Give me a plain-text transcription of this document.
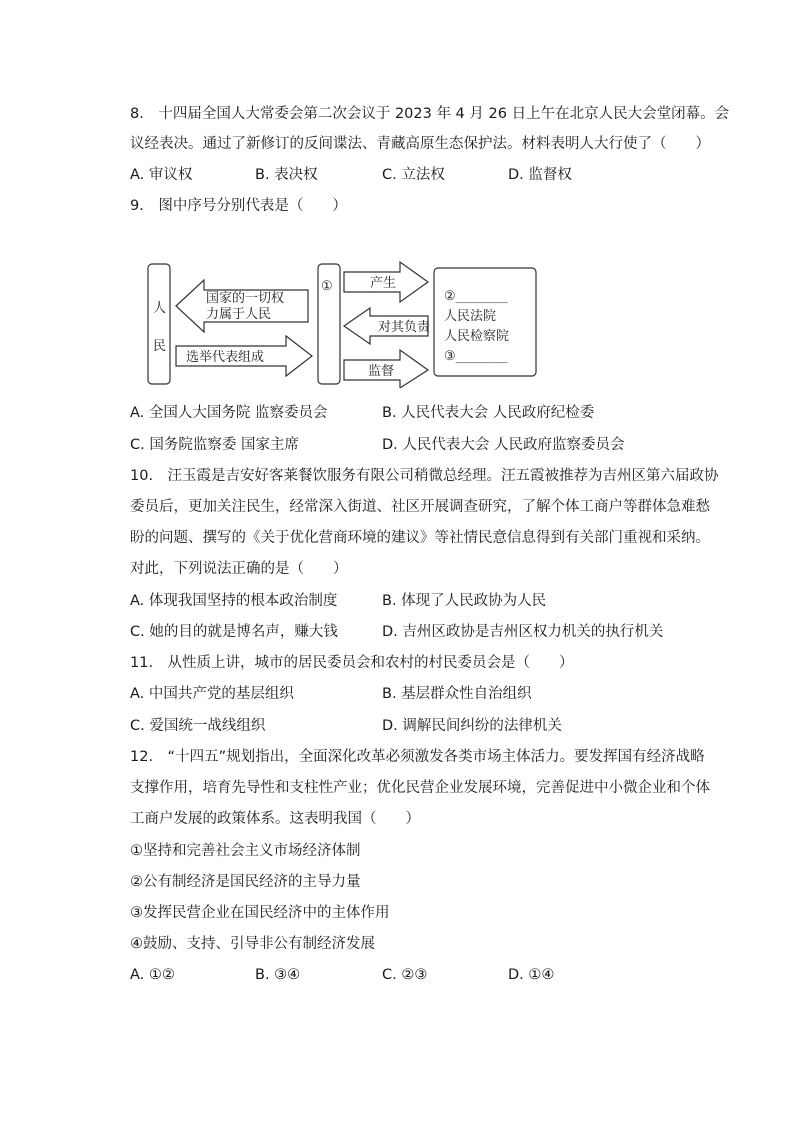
8.　十四届全国人大常委会第二次会议于 2023 年 4 月 26 日上午在北京人民大会堂闭幕。会
议经表决。通过了新修订的反间谍法、青藏高原生态保护法。材料表明人大行使了（　　）
A. 审议权	B. 表决权	C. 立法权	D. 监督权
9.　图中序号分别代表是（　　）
人
民
国家的一切权
力属于人民
选举代表组成
①	产生
对其负责
监督
②________
人民法院
人民检察院
③________
A. 全国人大国务院 监察委员会	B. 人民代表大会 人民政府纪检委
C. 国务院监察委 国家主席	D. 人民代表大会 人民政府监察委员会
10.　汪玉霞是吉安好客莱餐饮服务有限公司稍微总经理。汪五霞被推荐为吉州区第六届政协
委员后，更加关注民生，经常深入街道、社区开展调查研究，了解个体工商户等群体急难愁
盼的问题、撰写的《关于优化营商环境的建议》等社情民意信息得到有关部门重视和采纳。
对此，下列说法正确的是（　　）
A. 体现我国坚持的根本政治制度	B. 体现了人民政协为人民
C. 她的目的就是博名声，赚大钱	D. 吉州区政协是吉州区权力机关的执行机关
11.　从性质上讲，城市的居民委员会和农村的村民委员会是（　　）
A. 中国共产党的基层组织	B. 基层群众性自治组织
C. 爱国统一战线组织	D. 调解民间纠纷的法律机关
12.　“十四五”规划指出，全面深化改革必须激发各类市场主体活力。要发挥国有经济战略
支撑作用，培育先导性和支柱性产业；优化民营企业发展环境，完善促进中小微企业和个体
工商户发展的政策体系。这表明我国（　　）
①坚持和完善社会主义市场经济体制
②公有制经济是国民经济的主导力量
③发挥民营企业在国民经济中的主体作用
④鼓励、支持、引导非公有制经济发展
A. ①②	B. ③④	C. ②③	D. ①④
